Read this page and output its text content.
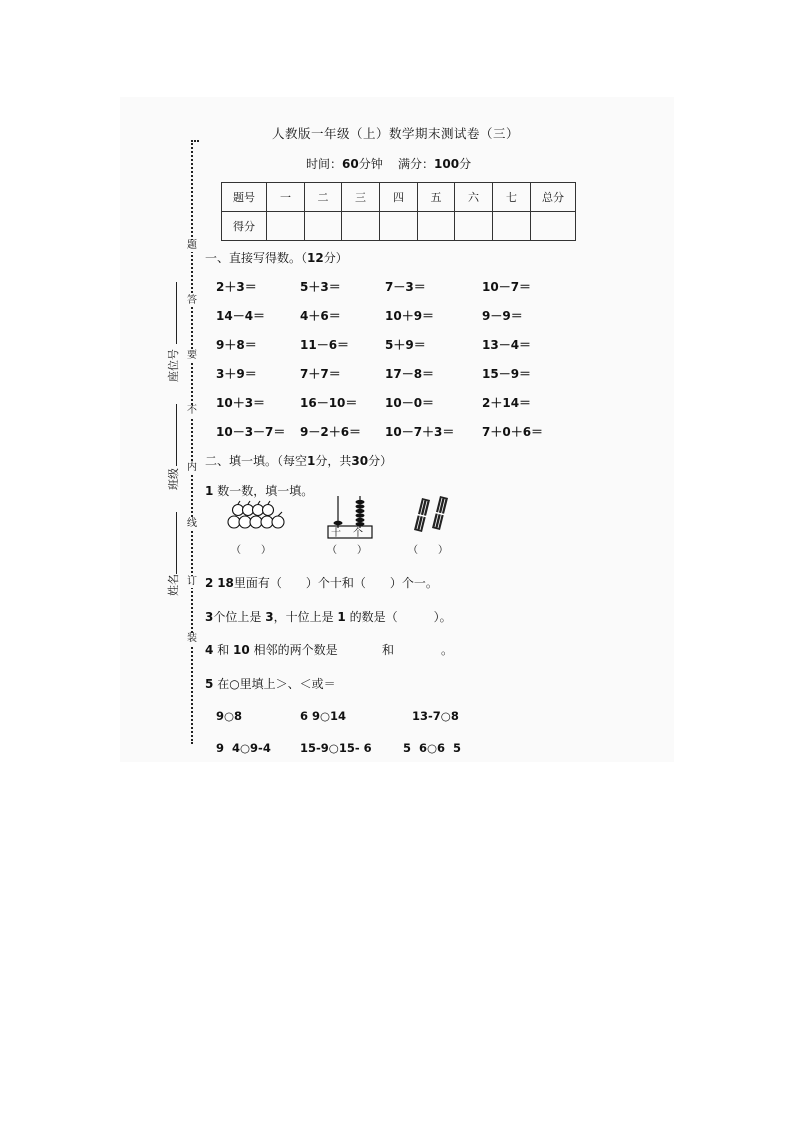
人教版一年级（上）数学期末测试卷（三）
时间：60分钟 满分：100分
题号	一	二	三	四	五	六	七	总分
得分								
题
答
要
不
内
线
订
装
座位号
班级
姓名
一、直接写得数。（12分）
2＋3＝	5＋3＝	7－3＝	10－7＝
14－4＝	4＋6＝	10＋9＝	9－9＝
9＋8＝	11－6＝	5＋9＝	13－4＝
3＋9＝	7＋7＝	17－8＝	15－9＝
10＋3＝	16－10＝ 10－0＝	2＋14＝
10－3－7＝ 9－2＋6＝ 10－7＋3＝ 7＋0＋6＝
二、填一填。（每空1分，共30分）
1 数一数，填一填。
十 个
（　　）	（　　）	（　　）
2 18里面有（　　）个十和（　　）个一。
3个位上是 3，十位上是 1 的数是（　　　）。
4 和 10 相邻的两个数是	和	。
5 在○里填上＞、＜或＝
9○8	6 9○14	13-7○8
9  4○9-4	15-9○15- 6	5  6○6  5
